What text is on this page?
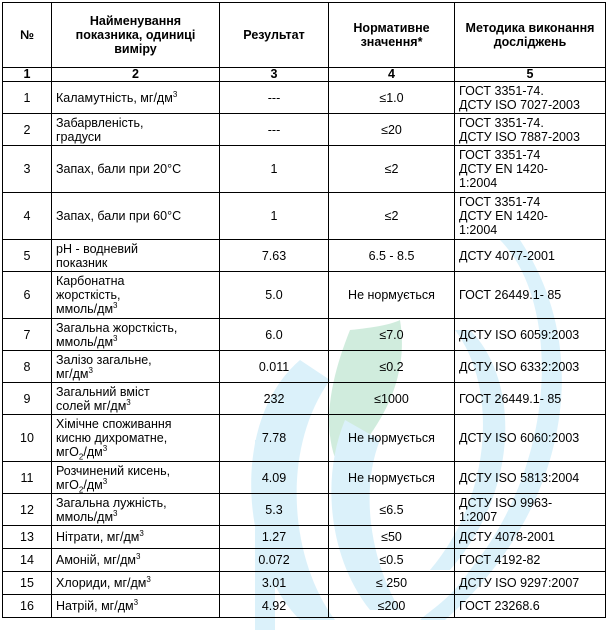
№	Найменування показника, одиниці виміру	Результат	Нормативне значення*	Методика виконання досліджень
1	2	3	4	5
1	Каламутність, $мг/дм^3$	---	≤1.0	ГОСТ 3351-74.
ДСТУ ISO 7027-2003
2	Забарвленість,
градуси	---	≤20	ГОСТ 3351-74.
ДСТУ ISO 7887-2003
3	Запах, бали при 20°C	1	≤2	ГОСТ 3351-74
ДСТУ EN 1420-
1:2004
4	Запах, бали при 60°C	1	≤2	ГОСТ 3351-74
ДСТУ EN 1420-
1:2004
5	pH - водневий
показник	7.63	6.5 - 8.5	ДСТУ 4077-2001
6	Карбонатна
жорсткість,
ммоль/$дм^3$	5.0	Не нормується	ГОСТ 26449.1- 85
7	Загальна жорсткість,
ммоль/$дм^3$	6.0	≤7.0	ДСТУ ISO 6059:2003
8	Залізо загальне,
$мг/дм^3$	0.011	≤0.2	ДСТУ ISO 6332:2003
9	Загальний вміст
солей $мг/дм^3$	232	≤1000	ГОСТ 26449.1- 85
10	Хімічне споживання
кисню дихроматне,
$мгО_2/дм^3$	7.78	Не нормується	ДСТУ ISO 6060:2003
11	Розчинений кисень,
$мгО_2/дм^3$	4.09	Не нормується	ДСТУ ISO 5813:2004
12	Загальна лужність,
ммоль/$дм^3$	5.3	≤6.5	ДСТУ ISO 9963-
1:2007
13	Нітрати, $мг/дм^3$	1.27	≤50	ДСТУ 4078-2001
14	Амоній, $мг/дм^3$	0.072	≤0.5	ГОСТ 4192-82
15	Хлориди, $мг/дм^3$	3.01	≤ 250	ДСТУ ISO 9297:2007
16	Натрій, $мг/дм^3$	4.92	≤200	ГОСТ 23268.6
